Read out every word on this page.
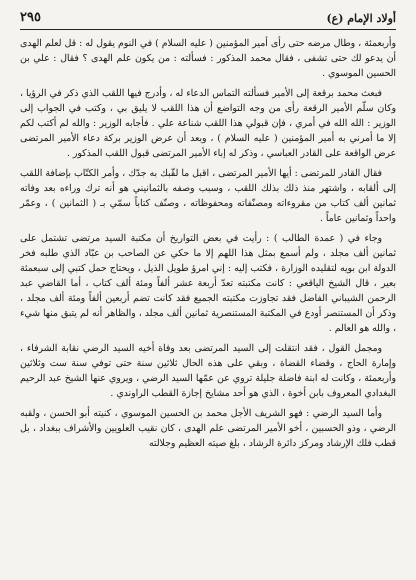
أولاد الإمام (ع)
٢٩٥

وأربعمئة ، وطال مرضه حتى رأى أمير المؤمنين ( عليه السلام ) في النوم يقول له : قل لعلم الهدى أن يدعو لك حتى تشفى ، فقال محمد المذكور : فسألته : من يكون علم الهدى ؟ فقال : علي بن الحسين الموسوي .

فبعث محمد برقعة إلى الأمير فسألته التماس الدعاء له ، وأدرج فيها اللقب الذي ذكر في الرؤيا ، وكان سلّم الأمير الرقعة رأى من وجه التواضع أن هذا اللقب لا يليق بي ، وكتب في الجواب إلى الوزير : الله الله في أمري ، فإن قبولي هذا اللقب شناعة علي . فأجابه الوزير : والله لم أكتب لكم إلا ما أمرني به أمير المؤمنين ( عليه السلام ) ، وبعد أن عرض الوزير بركة دعاء الأمير المرتضى عرض الواقعة على القادر العباسي ، وذكر له إباء الأمير المرتضى قبول اللقب المذكور .

فقال القادر للمرتضى : أيها الأمير المرتضى ، اقبل ما لقّبك به جدّك ، وأمر الكتّاب بإضافة اللقب إلى ألقابه ، واشتهر منذ ذلك بذلك اللقب ، وسبب وصفه بالثمانيني هو أنه ترك وراءه بعد وفاته ثمانين ألف كتاب من مقروءاته ومصنّفاته ومحفوظاته ، وصنّف كتاباً سمّي بـ ( الثمانين ) ، وعمّر واحداً وثمانين عاماً .

وجاء في ( عمدة الطالب ) : رأيت في بعض التواريخ أن مكتبة السيد مرتضى تشتمل على ثمانين ألف مجلد ، ولم أسمع بمثل هذا اللهم إلا ما حكي عن الصاحب بن عبّاد الذي طلبه فخر الدولة ابن بويه لتقليده الوزارة ، فكتب إليه : إني امرؤ طويل الذيل ، ويحتاج حمل كتبي إلى سبعمئة بعير ، قال الشيخ الياقعي : كانت مكتبته تعدّ أربعة عشر ألفاً ومئة ألف كتاب ، أما القاضي عبد الرحمن الشيباني الفاضل فقد تجاوزت مكتبته الجميع فقد كانت تضم أربعين ألفاً ومئة ألف مجلد ، وذكر أن المستنصر أودع في المكتبة المستنصرية ثمانين ألف مجلد ، والظاهر أنه لم يتبق منها شيء ، والله هو العالم .

ومجمل القول ، فقد انتقلت إلى السيد المرتضى بعد وفاة أخيه السيد الرضي نقابة الشرفاء ، وإمارة الحاج ، وقضاء القضاة ، وبقي على هذه الحال ثلاثين سنة حتى توفي سنة ست وثلاثين وأربعمئة ، وكانت له ابنة فاضلة جليلة تروي عن عمّها السيد الرضي ، ويروي عنها الشيخ عبد الرحيم البغدادي المعروف بابن أخوة ، الذي هو أحد مشايخ إجازة القطب الراوندي .

وأما السيد الرضي : فهو الشريف الأجل محمد بن الحسين الموسوي ، كنيته أبو الحسن ، ولقبه الرضي ، وذو الحسبين ، أخو الأمير المرتضى علم الهدى ، كان نقيب العلويين والأشراف ببغداد ، بل قطب فلك الإرشاد ومركز دائرة الرشاد ، بلغ صيته العظيم وجلالته
